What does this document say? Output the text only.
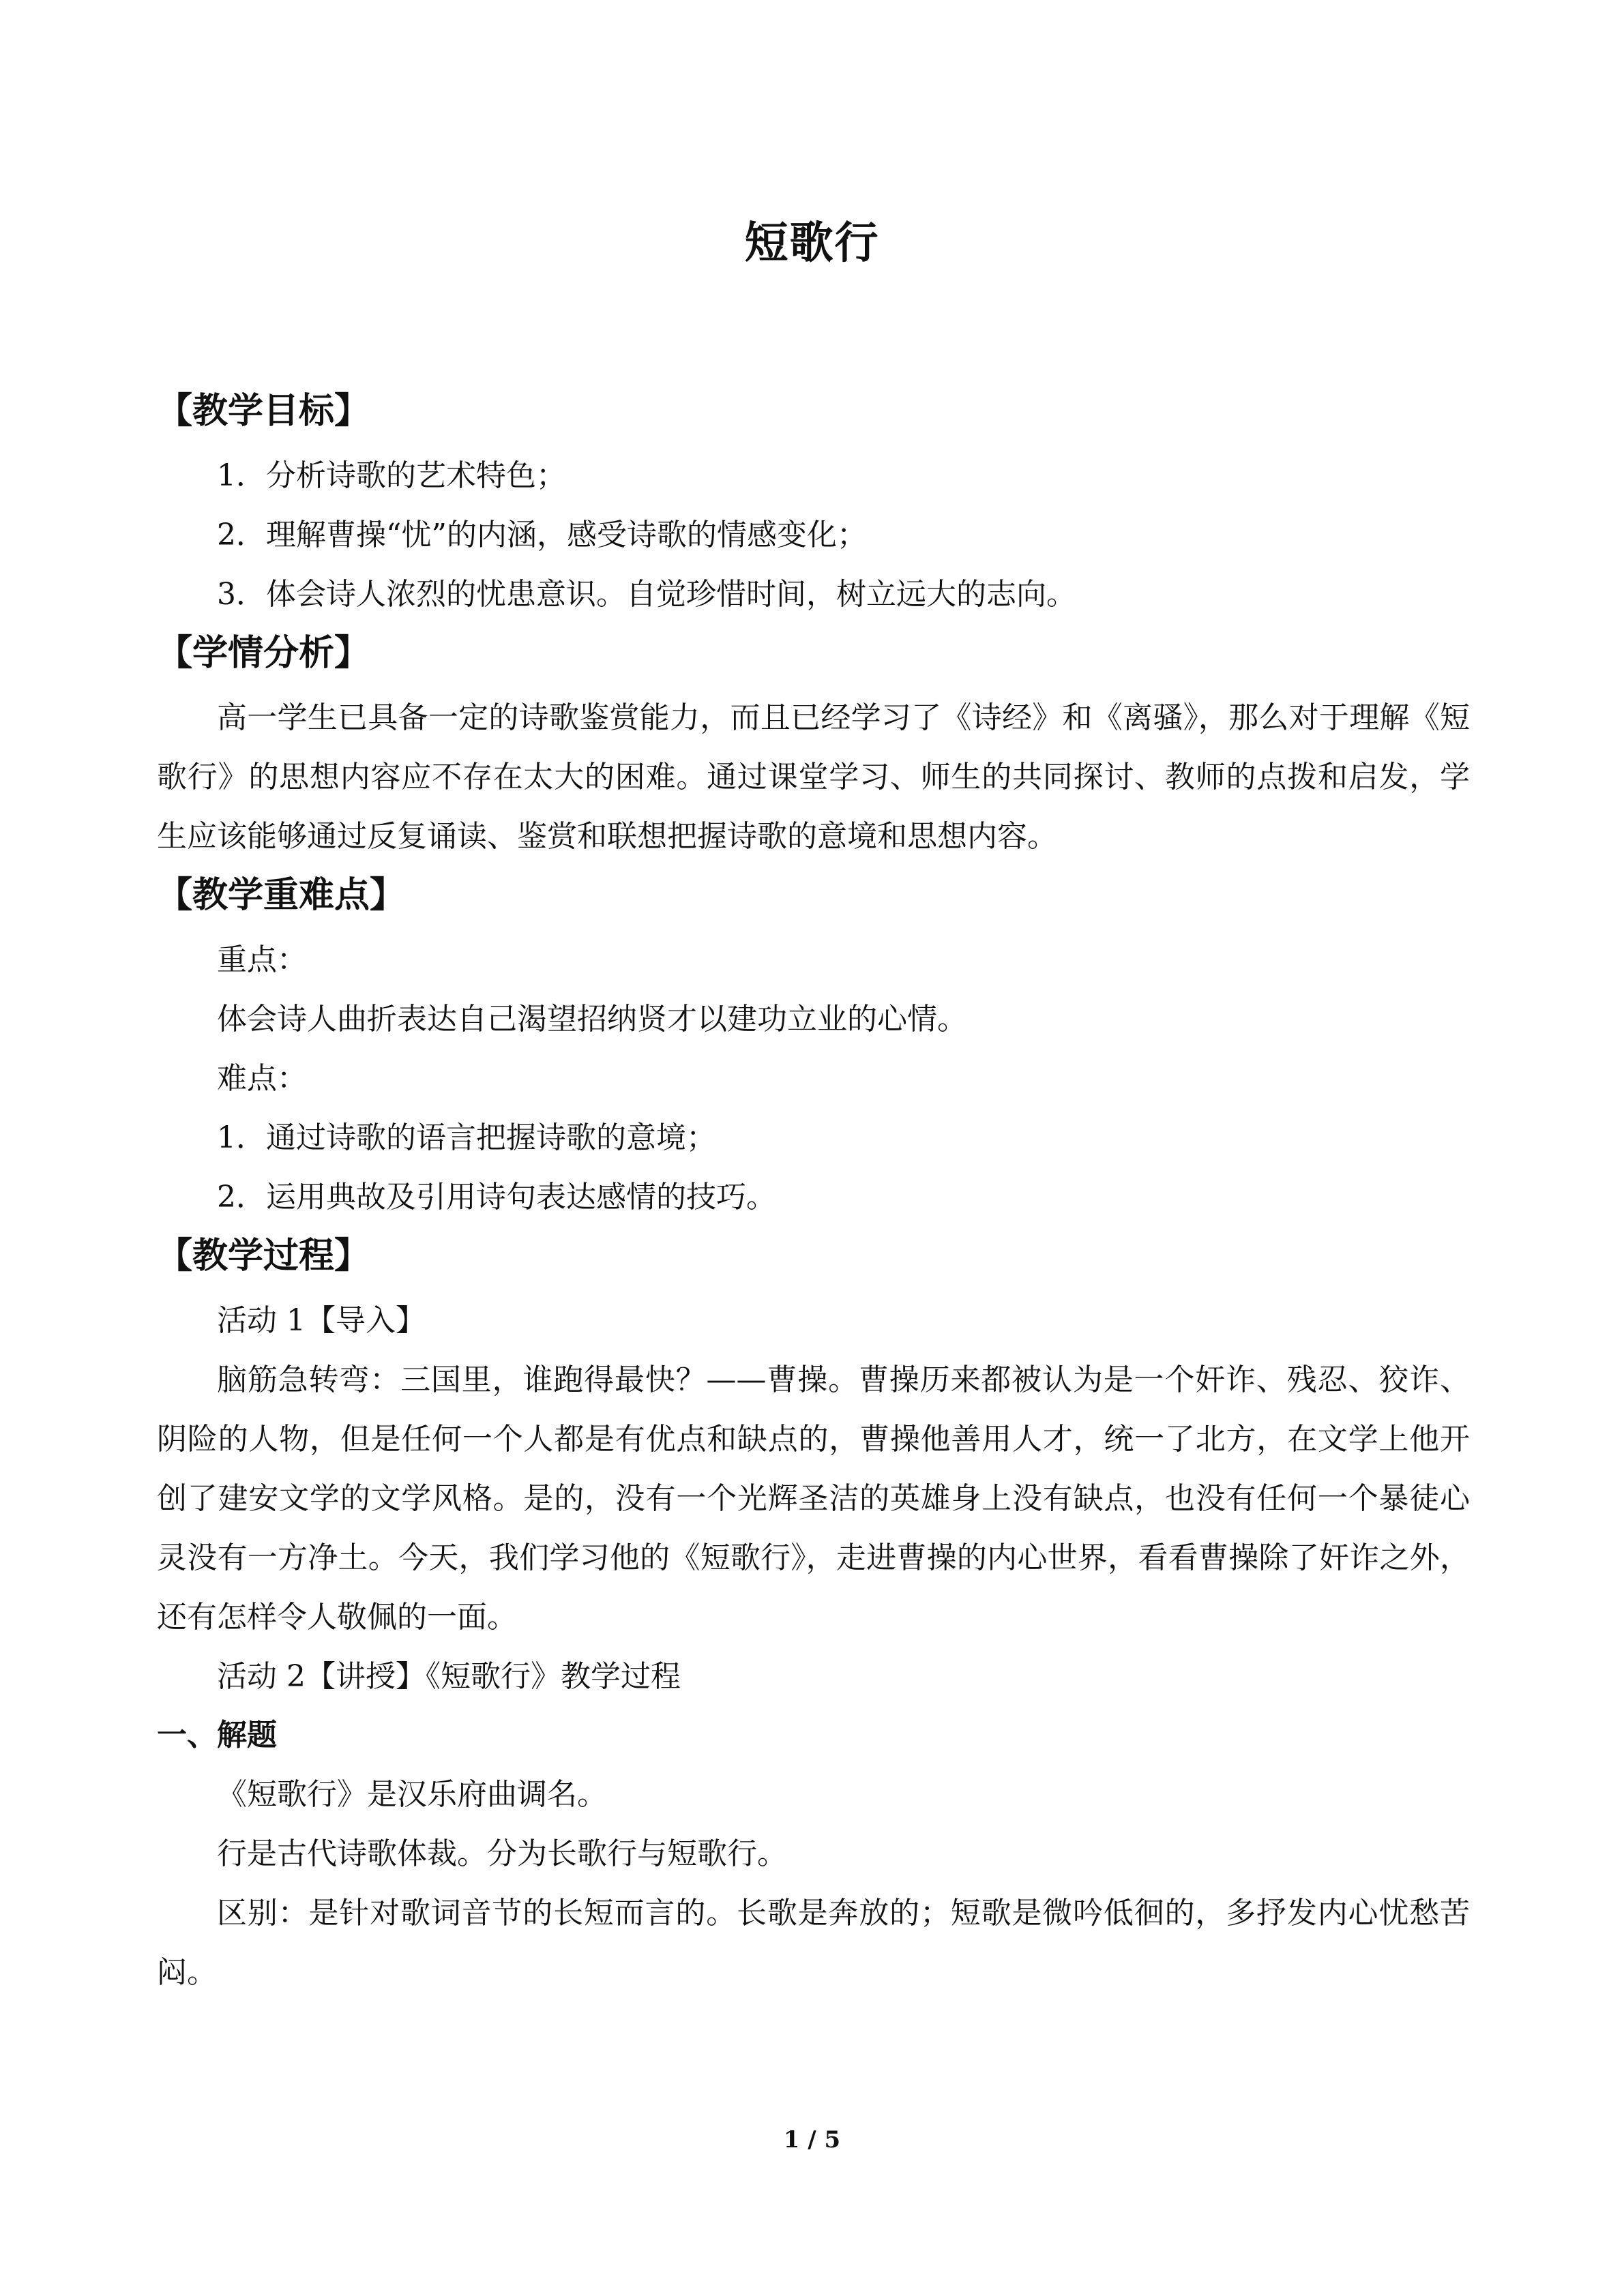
短歌行

【教学目标】

1．分析诗歌的艺术特色；

2．理解曹操“忧”的内涵，感受诗歌的情感变化；

3．体会诗人浓烈的忧患意识。自觉珍惜时间，树立远大的志向。

【学情分析】

高一学生已具备一定的诗歌鉴赏能力，而且已经学习了《诗经》和《离骚》，那么对于理解《短歌行》的思想内容应不存在太大的困难。通过课堂学习、师生的共同探讨、教师的点拨和启发，学生应该能够通过反复诵读、鉴赏和联想把握诗歌的意境和思想内容。

【教学重难点】

重点：

体会诗人曲折表达自己渴望招纳贤才以建功立业的心情。

难点：

1．通过诗歌的语言把握诗歌的意境；

2．运用典故及引用诗句表达感情的技巧。

【教学过程】

活动 1【导入】

脑筋急转弯：三国里，谁跑得最快？——曹操。曹操历来都被认为是一个奸诈、残忍、狡诈、阴险的人物，但是任何一个人都是有优点和缺点的，曹操他善用人才，统一了北方，在文学上他开创了建安文学的文学风格。是的，没有一个光辉圣洁的英雄身上没有缺点，也没有任何一个暴徒心灵没有一方净土。今天，我们学习他的《短歌行》，走进曹操的内心世界，看看曹操除了奸诈之外，还有怎样令人敬佩的一面。

活动 2【讲授】《短歌行》教学过程

一、解题

《短歌行》是汉乐府曲调名。

行是古代诗歌体裁。分为长歌行与短歌行。

区别：是针对歌词音节的长短而言的。长歌是奔放的；短歌是微吟低徊的，多抒发内心忧愁苦闷。

1 / 5
